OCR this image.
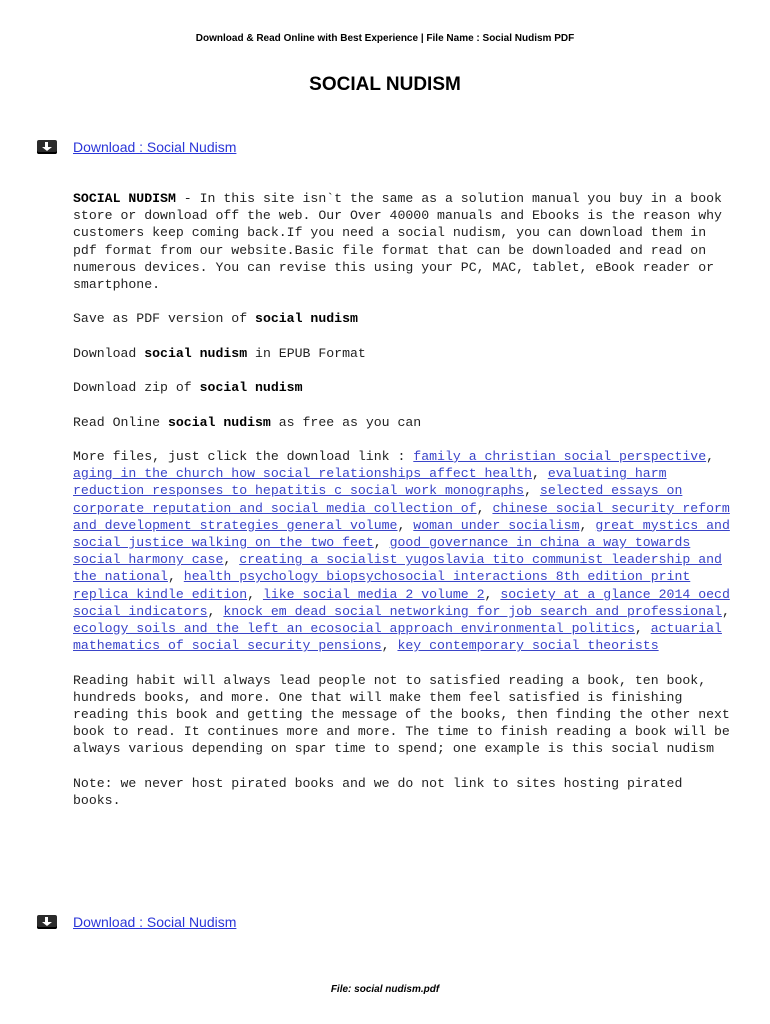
Download & Read Online with Best Experience | File Name : Social Nudism PDF
SOCIAL NUDISM
Download : Social Nudism

SOCIAL NUDISM - In this site isn`t the same as a solution manual you buy in a book store or download off the web. Our Over 40000 manuals and Ebooks is the reason why customers keep coming back.If you need a social nudism, you can download them in pdf format from our website.Basic file format that can be downloaded and read on numerous devices. You can revise this using your PC, MAC, tablet, eBook reader or smartphone.

Save as PDF version of social nudism

Download social nudism in EPUB Format

Download zip of social nudism

Read Online social nudism as free as you can

More files, just click the download link : family a christian social perspective, aging in the church how social relationships affect health, evaluating harm reduction responses to hepatitis c social work monographs, selected essays on corporate reputation and social media collection of, chinese social security reform and development strategies general volume, woman under socialism, great mystics and social justice walking on the two feet, good governance in china a way towards social harmony case, creating a socialist yugoslavia tito communist leadership and the national, health psychology biopsychosocial interactions 8th edition print replica kindle edition, like social media 2 volume 2, society at a glance 2014 oecd social indicators, knock em dead social networking for job search and professional, ecology soils and the left an ecosocial approach environmental politics, actuarial mathematics of social security pensions, key contemporary social theorists

Reading habit will always lead people not to satisfied reading a book, ten book, hundreds books, and more. One that will make them feel satisfied is finishing reading this book and getting the message of the books, then finding the other next book to read. It continues more and more. The time to finish reading a book will be always various depending on spar time to spend; one example is this social nudism

Note: we never host pirated books and we do not link to sites hosting pirated books.

Download : Social Nudism
File: social nudism.pdf
